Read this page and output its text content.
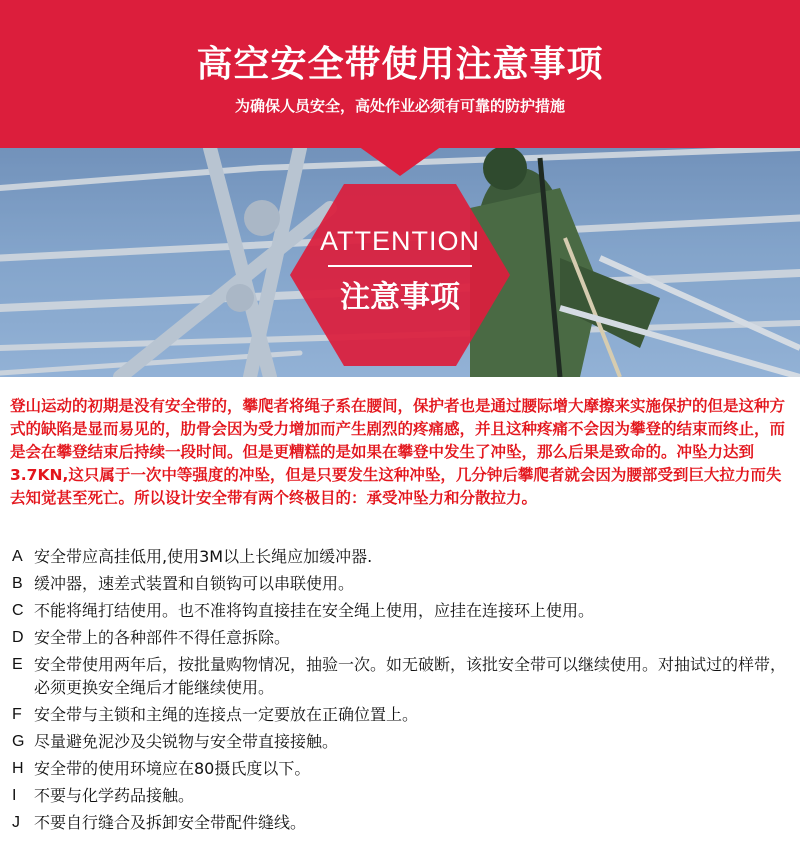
高空安全带使用注意事项
为确保人员安全，高处作业必须有可靠的防护措施
ATTENTION
注意事项

登山运动的初期是没有安全带的，攀爬者将绳子系在腰间，保护者也是通过腰际增大摩擦来实施保护的但是这种方式的缺陷是显而易见的，肋骨会因为受力增加而产生剧烈的疼痛感，并且这种疼痛不会因为攀登的结束而终止，而是会在攀登结束后持续一段时间。但是更糟糕的是如果在攀登中发生了冲坠，那么后果是致命的。冲坠力达到3.7KN,这只属于一次中等强度的冲坠，但是只要发生这种冲坠，几分钟后攀爬者就会因为腰部受到巨大拉力而失去知觉甚至死亡。所以设计安全带有两个终极目的：承受冲坠力和分散拉力。

A 安全带应高挂低用,使用3M以上长绳应加缓冲器.
B 缓冲器，速差式装置和自锁钩可以串联使用。
C 不能将绳打结使用。也不准将钩直接挂在安全绳上使用，应挂在连接环上使用。
D 安全带上的各种部件不得任意拆除。
E 安全带使用两年后，按批量购物情况，抽验一次。如无破断，该批安全带可以继续使用。对抽试过的样带，必须更换安全绳后才能继续使用。
F 安全带与主锁和主绳的连接点一定要放在正确位置上。
G 尽量避免泥沙及尖锐物与安全带直接接触。
H 安全带的使用环境应在80摄氏度以下。
I	不要与化学药品接触。
J 不要自行缝合及拆卸安全带配件缝线。
